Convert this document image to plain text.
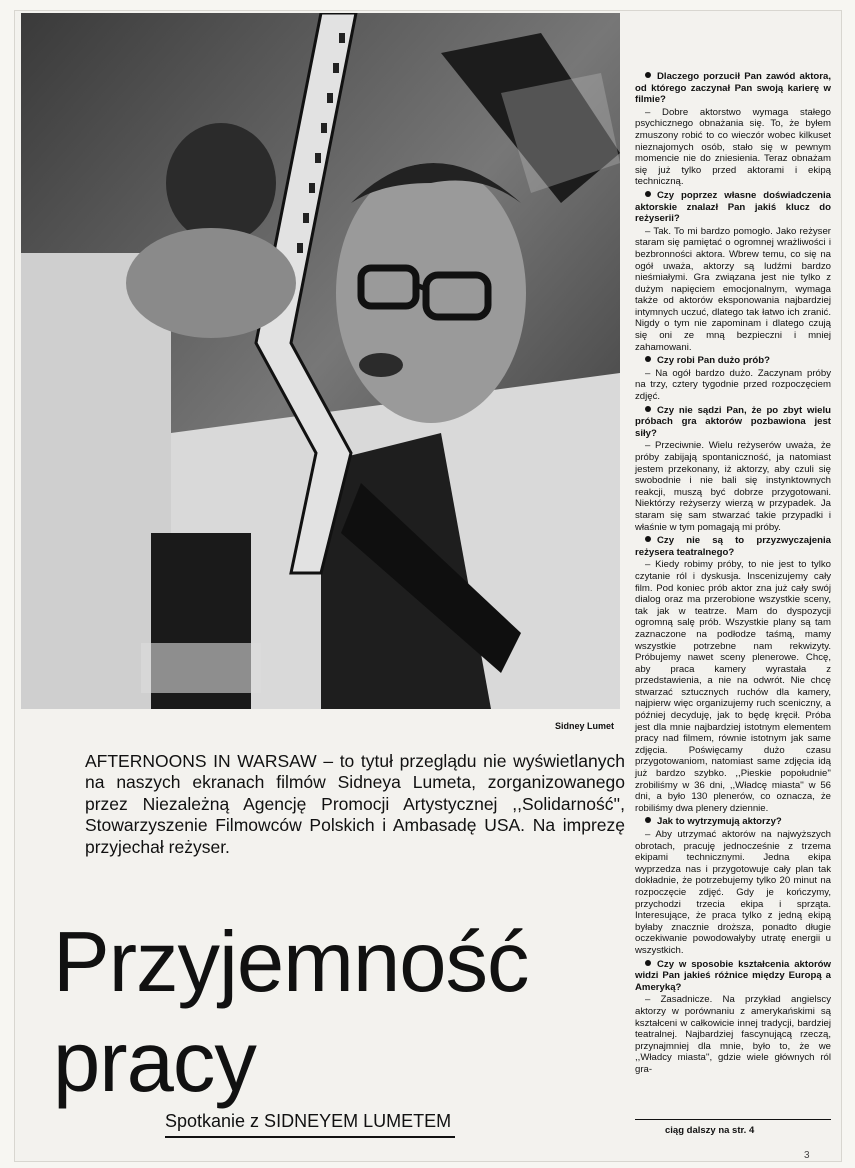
Sidney Lumet

AFTERNOONS IN WARSAW – to tytuł przeglądu nie wyświetlanych na naszych ekranach filmów Sidneya Lumeta, zorganizowanego przez Niezależną Agencję Promocji Artystycznej ,,Solidarność'', Stowarzyszenie Filmowców Polskich i Ambasadę USA. Na imprezę przyjechał reżyser.

Przyjemność
pracy
Spotkanie z SIDNEYEM LUMETEM

Dlaczego porzucił Pan zawód aktora, od którego zaczynał Pan swoją karierę w filmie?

– Dobre aktorstwo wymaga stałego psychicznego obnażania się. To, że byłem zmuszony robić to co wieczór wobec kilkuset nieznajomych osób, stało się w pewnym momencie nie do zniesienia. Teraz obnażam się już tylko przed aktorami i ekipą techniczną.

Czy poprzez własne doświadczenia aktorskie znalazł Pan jakiś klucz do reżyserii?

– Tak. To mi bardzo pomogło. Jako reżyser staram się pamiętać o ogromnej wrażliwości i bezbronności aktora. Wbrew temu, co się na ogół uważa, aktorzy są ludźmi bardzo nieśmiałymi. Gra związana jest nie tylko z dużym napięciem emocjonalnym, wymaga także od aktorów eksponowania najbardziej intymnych uczuć, dlatego tak łatwo ich zranić. Nigdy o tym nie zapominam i dlatego czują się oni ze mną bezpieczni i mniej zahamowani.

Czy robi Pan dużo prób?

– Na ogół bardzo dużo. Zaczynam próby na trzy, cztery tygodnie przed rozpoczęciem zdjęć.

Czy nie sądzi Pan, że po zbyt wielu próbach gra aktorów pozbawiona jest siły?

– Przeciwnie. Wielu reżyserów uważa, że próby zabijają spontaniczność, ja natomiast jestem przekonany, iż aktorzy, aby czuli się swobodnie i nie bali się instynktownych reakcji, muszą być dobrze przygotowani. Niektórzy reżyserzy wierzą w przypadek. Ja staram się sam stwarzać takie przypadki i właśnie w tym pomagają mi próby.

Czy nie są to przyzwyczajenia reżysera teatralnego?

– Kiedy robimy próby, to nie jest to tylko czytanie ról i dyskusja. Inscenizujemy cały film. Pod koniec prób aktor zna już cały swój dialog oraz ma przerobione wszystkie sceny, tak jak w teatrze. Mam do dyspozycji ogromną salę prób. Wszystkie plany są tam zaznaczone na podłodze taśmą, mamy wszystkie potrzebne nam rekwizyty. Próbujemy nawet sceny plenerowe. Chcę, aby praca kamery wyrastała z przedstawienia, a nie na odwrót. Nie chcę stwarzać sztucznych ruchów dla kamery, najpierw więc organizujemy ruch sceniczny, a później decyduję, jak to będę kręcił. Próba jest dla mnie najbardziej istotnym elementem pracy nad filmem, równie istotnym jak same zdjęcia. Poświęcamy dużo czasu przygotowaniom, natomiast same zdjęcia idą już bardzo szybko. ,,Pieskie popołudnie'' zrobiliśmy w 36 dni, ,,Władcę miasta'' w 56 dni, a było 130 plenerów, co oznacza, że robiliśmy dwa plenery dziennie.

Jak to wytrzymują aktorzy?

– Aby utrzymać aktorów na najwyższych obrotach, pracuję jednocześnie z trzema ekipami technicznymi. Jedna ekipa wyprzedza nas i przygotowuje cały plan tak dokładnie, że potrzebujemy tylko 20 minut na rozpoczęcie zdjęć. Gdy je kończymy, przychodzi trzecia ekipa i sprząta. Interesujące, że praca tylko z jedną ekipą byłaby znacznie droższa, ponadto długie oczekiwanie powodowałyby utratę energii u wszystkich.

Czy w sposobie kształcenia aktorów widzi Pan jakieś różnice między Europą a Ameryką?

– Zasadnicze. Na przykład angielscy aktorzy w porównaniu z amerykańskimi są kształceni w całkowicie innej tradycji, bardziej teatralnej. Najbardziej fascynującą rzeczą, przynajmniej dla mnie, było to, że we ,,Władcy miasta'', gdzie wiele głównych ról gra-

ciąg dalszy na str. 4
3
